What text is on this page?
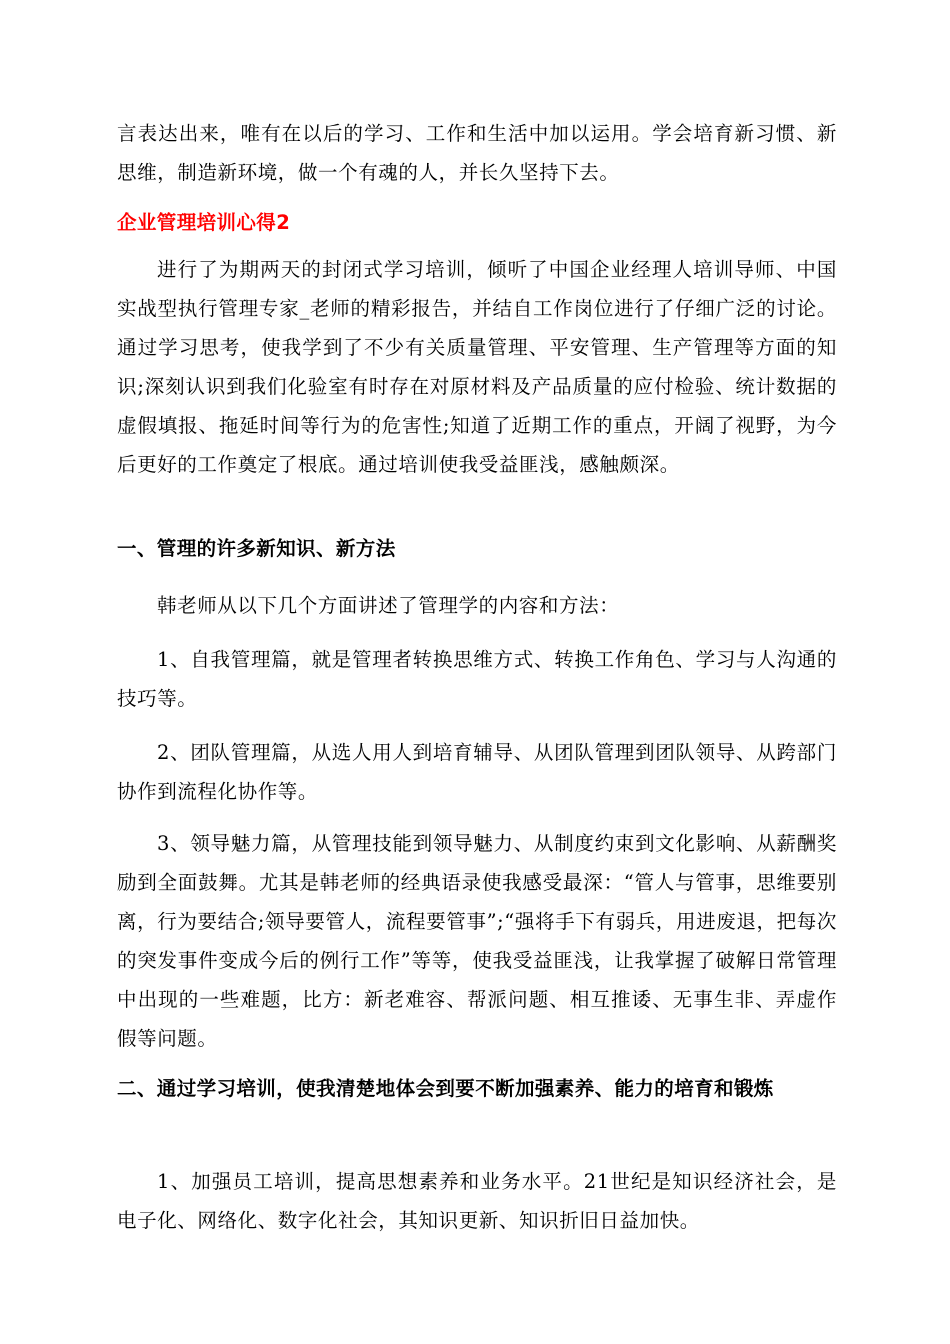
言表达出来，唯有在以后的学习、工作和生活中加以运用。学会培育新习惯、新思维，制造新环境，做一个有魂的人，并长久坚持下去。
企业管理培训心得2
进行了为期两天的封闭式学习培训，倾听了中国企业经理人培训导师、中国实战型执行管理专家_老师的精彩报告，并结自工作岗位进行了仔细广泛的讨论。通过学习思考，使我学到了不少有关质量管理、平安管理、生产管理等方面的知识;深刻认识到我们化验室有时存在对原材料及产品质量的应付检验、统计数据的虚假填报、拖延时间等行为的危害性;知道了近期工作的重点，开阔了视野，为今后更好的工作奠定了根底。通过培训使我受益匪浅，感触颇深。
一、管理的许多新知识、新方法
韩老师从以下几个方面讲述了管理学的内容和方法：
1、自我管理篇，就是管理者转换思维方式、转换工作角色、学习与人沟通的技巧等。
2、团队管理篇，从选人用人到培育辅导、从团队管理到团队领导、从跨部门协作到流程化协作等。
3、领导魅力篇，从管理技能到领导魅力、从制度约束到文化影响、从薪酬奖励到全面鼓舞。尤其是韩老师的经典语录使我感受最深：“管人与管事，思维要别离，行为要结合;领导要管人，流程要管事”;“强将手下有弱兵，用进废退，把每次的突发事件变成今后的例行工作”等等，使我受益匪浅，让我掌握了破解日常管理中出现的一些难题，比方：新老难容、帮派问题、相互推诿、无事生非、弄虚作假等问题。
二、通过学习培训，使我清楚地体会到要不断加强素养、能力的培育和锻炼
1、加强员工培训，提高思想素养和业务水平。21世纪是知识经济社会，是电子化、网络化、数字化社会，其知识更新、知识折旧日益加快。
